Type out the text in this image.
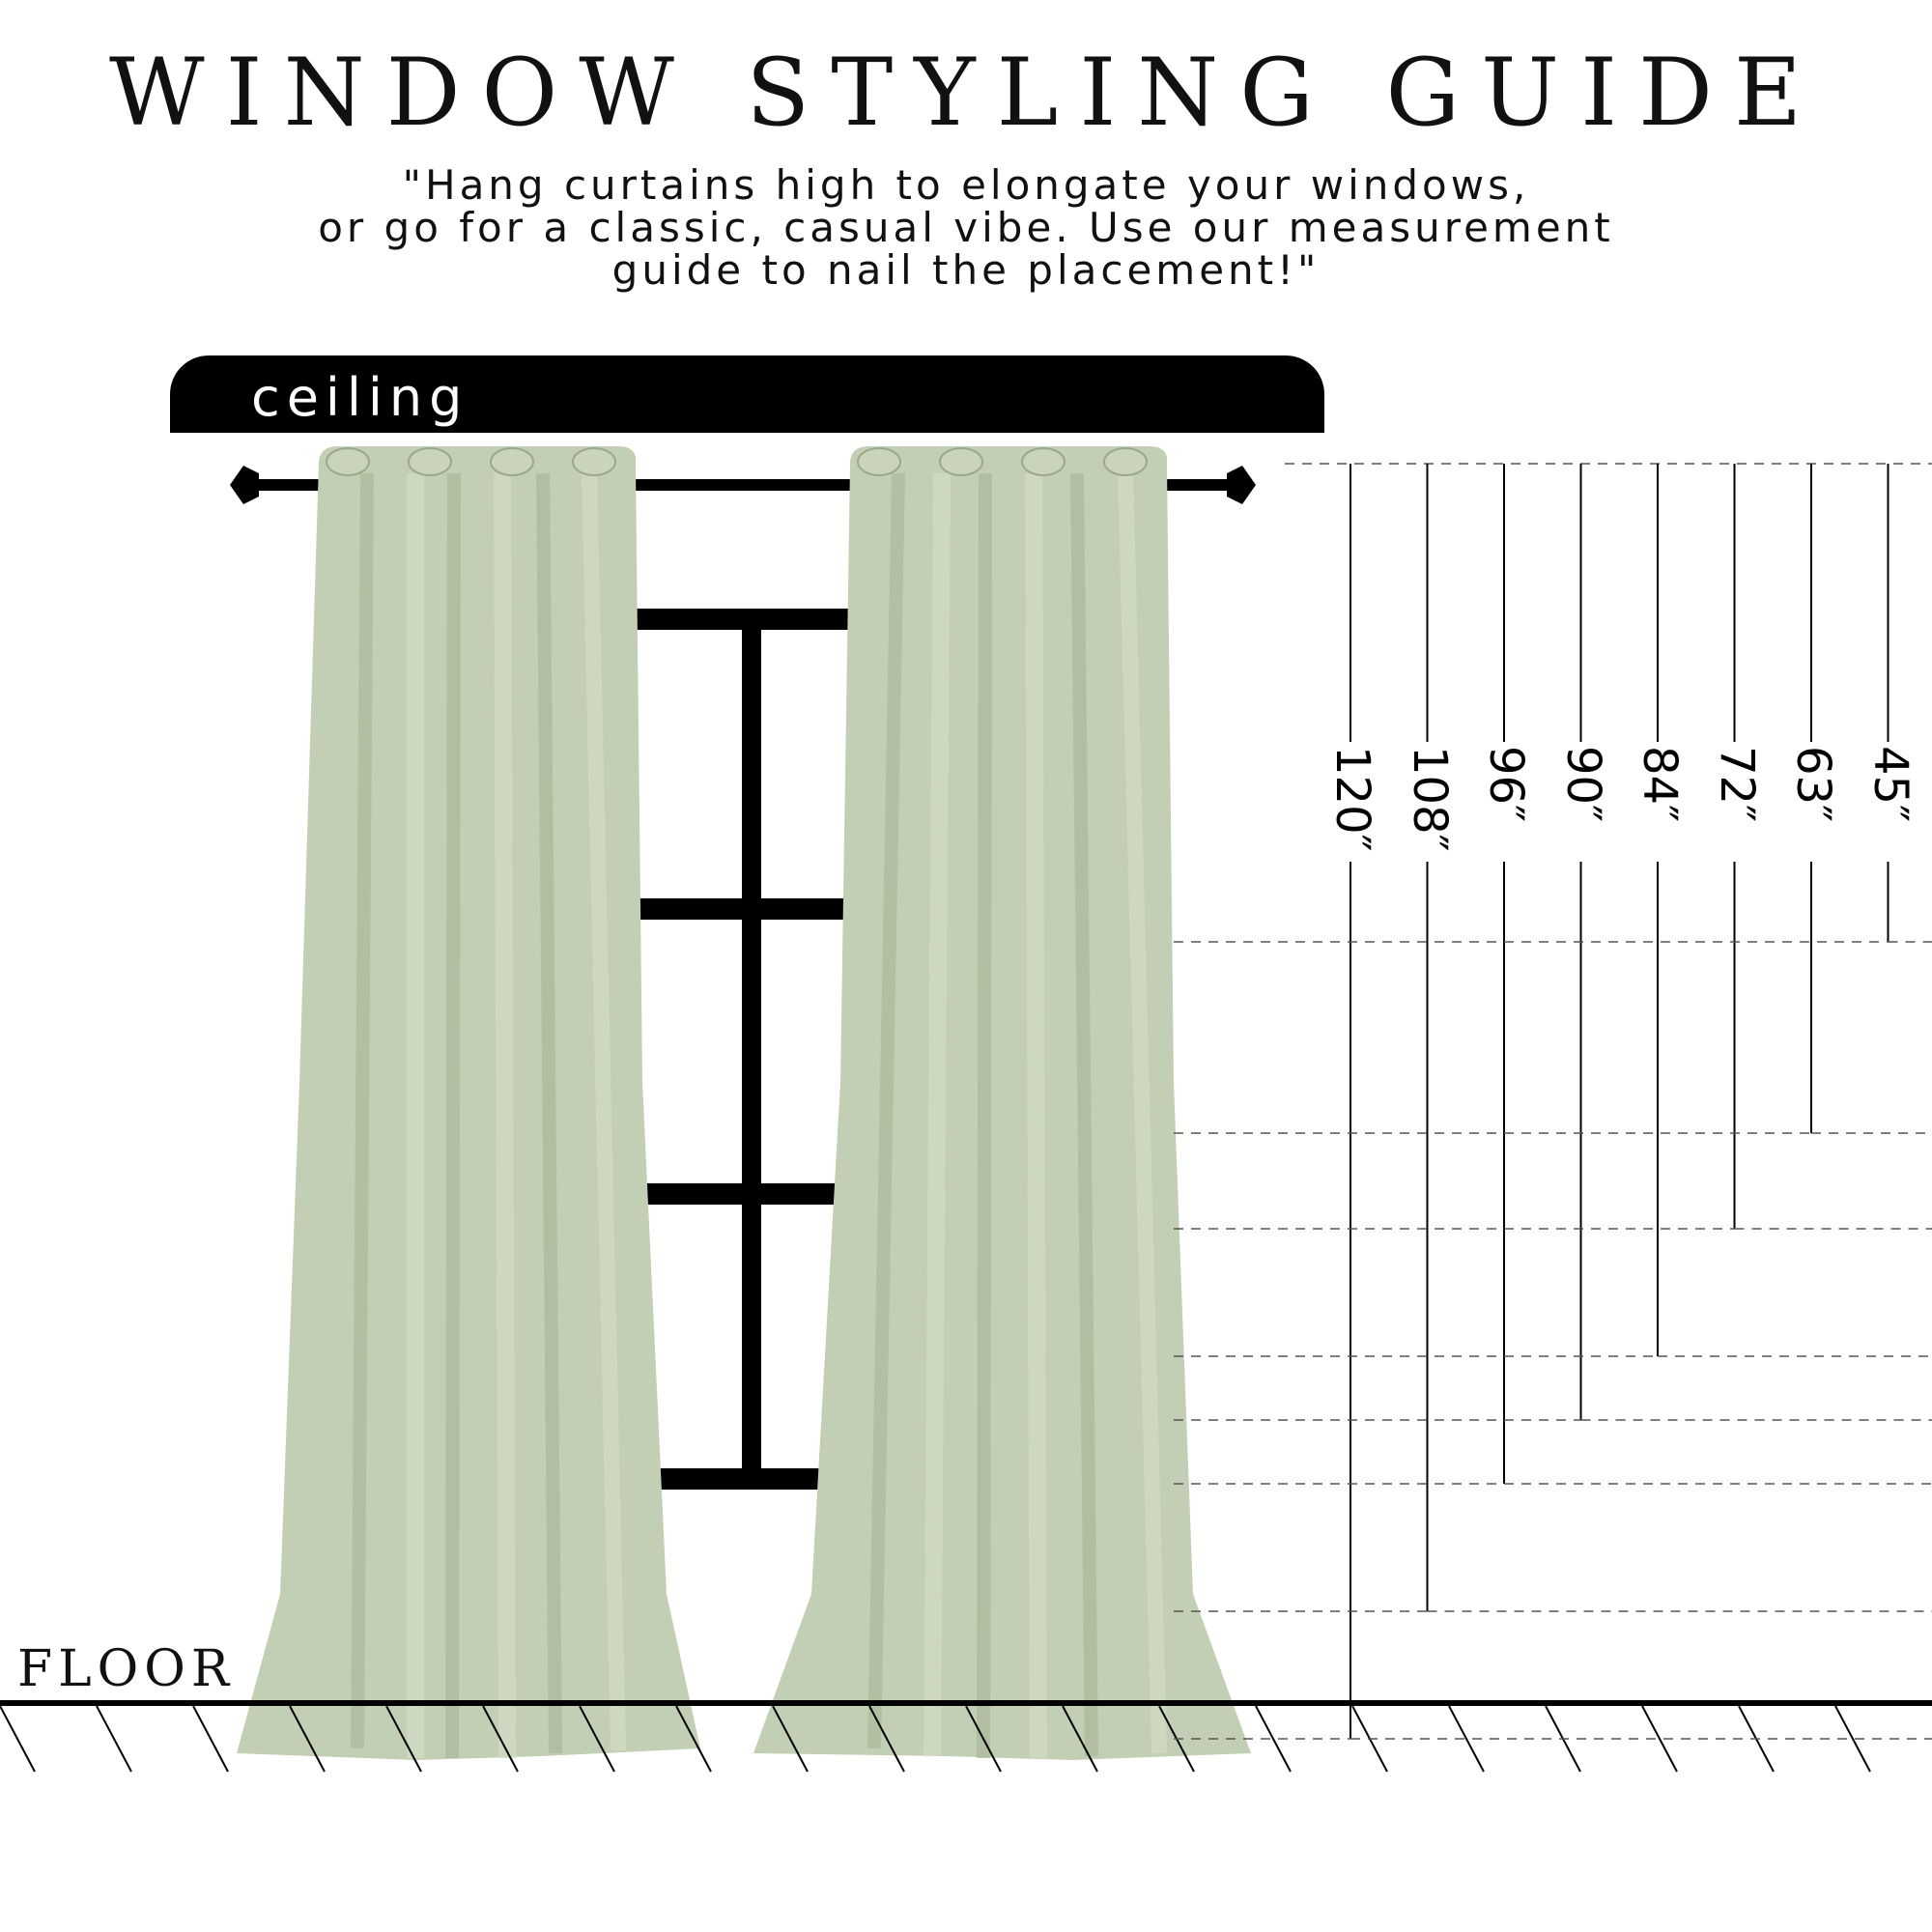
WINDOW STYLING GUIDE
"Hang curtains high to elongate your windows,
or go for a classic, casual vibe. Use our measurement
guide to nail the placement!"
ceiling
FLOOR
120″ 108″ 96″ 90″ 84″ 72″ 63″ 45″
